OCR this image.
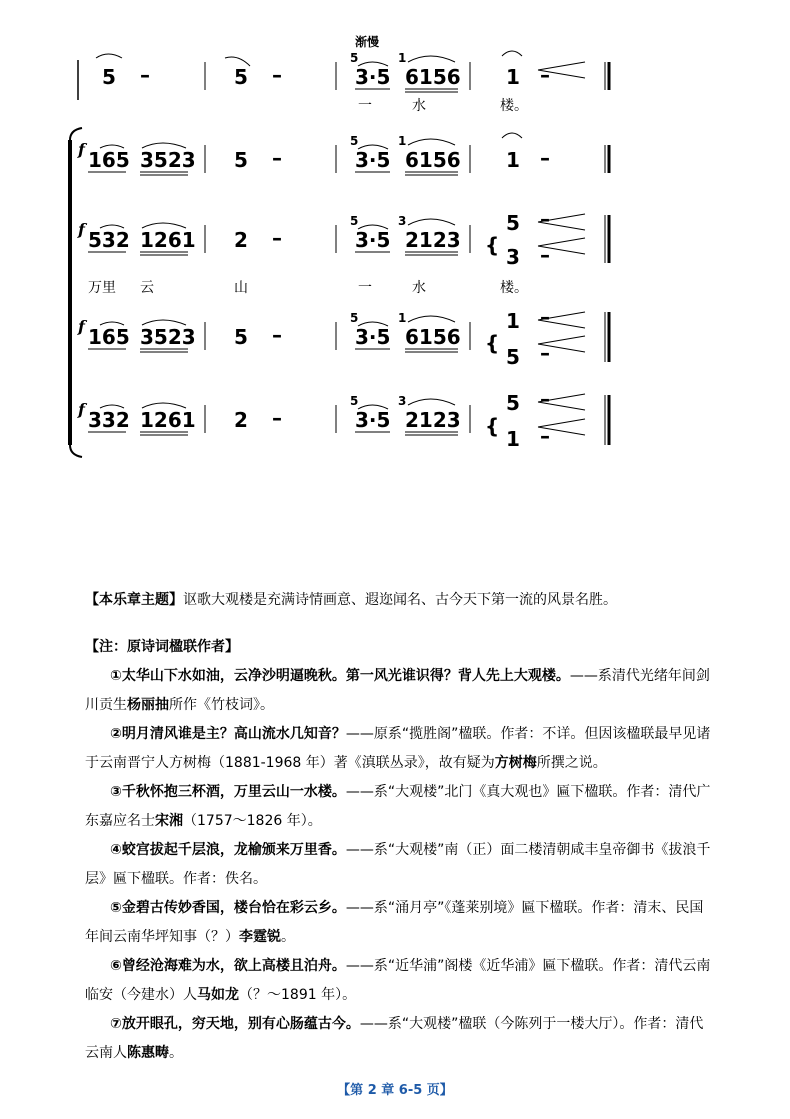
渐慢
5 –	5 –
5
3·5
1
6156 1 –
一	水	楼。
f 165 3523 5 –
5
3·5
1
6156 1 –
f 532 1261 2 –
5
3·5
3
2123 {
5
3
–
–
万里 云	山	一	水	楼。
f 165 3523 5 –
5
3·5
1
6156 {
1
5
–
–
f 332 1261 2 –
5
3·5
3
2123 {
5
1
–
–

【本乐章主题】讴歌大观楼是充满诗情画意、遐迩闻名、古今天下第一流的风景名胜。

【注：原诗词楹联作者】

①太华山下水如油，云净沙明逼晚秋。第一风光谁识得？背人先上大观楼。——系清代光绪年间剑川贡生杨丽抽所作《竹枝词》。

②明月清风谁是主？高山流水几知音？——原系“揽胜阁”楹联。作者：不详。但因该楹联最早见诸于云南晋宁人方树梅（1881-1968 年）著《滇联丛录》，故有疑为方树梅所撰之说。

③千秋怀抱三杯酒，万里云山一水楼。——系“大观楼”北门《真大观也》匾下楹联。作者：清代广东嘉应名士宋湘（1757～1826 年）。

④蛟宫拔起千层浪，龙榆颁来万里香。——系“大观楼”南（正）面二楼清朝咸丰皇帝御书《拔浪千层》匾下楹联。作者：佚名。

⑤金碧古传妙香国，楼台恰在彩云乡。——系“涌月亭”《蓬莱别境》匾下楹联。作者：清末、民国年间云南华坪知事（？）李霆锐。

⑥曾经沧海难为水，欲上高楼且泊舟。——系“近华浦”阁楼《近华浦》匾下楹联。作者：清代云南临安（今建水）人马如龙（？～1891 年）。

⑦放开眼孔，穷天地，别有心肠蕴古今。——系“大观楼”楹联（今陈列于一楼大厅）。作者：清代云南人陈惠畴。

【第 2 章 6-5 页】
